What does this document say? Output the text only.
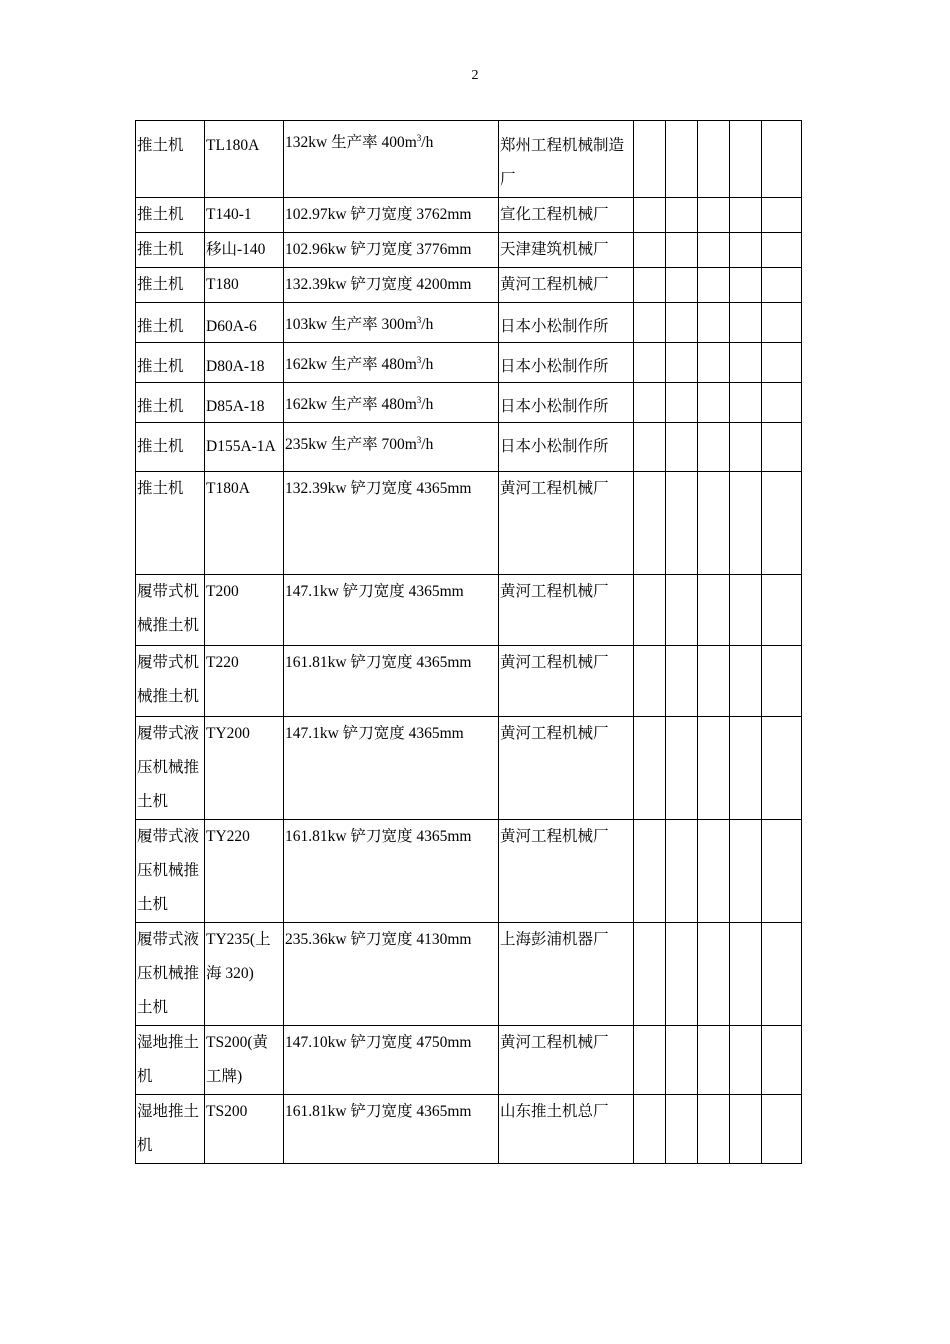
2
推土机	TL180A	132kw 生产率 $400m^3/h$	郑州工程机械制造厂					
推土机	T140-1	102.97kw 铲刀宽度 3762mm	宣化工程机械厂					
推土机	移山-140	102.96kw 铲刀宽度 3776mm	天津建筑机械厂					
推土机	T180	132.39kw 铲刀宽度 4200mm	黄河工程机械厂					
推土机	D60A-6	103kw 生产率 $300m^3/h$	日本小松制作所					
推土机	D80A-18	162kw 生产率 $480m^3/h$	日本小松制作所					
推土机	D85A-18	162kw 生产率 $480m^3/h$	日本小松制作所					
推土机	D155A-1A	235kw 生产率 $700m^3/h$	日本小松制作所					
推土机	T180A	132.39kw 铲刀宽度 4365mm	黄河工程机械厂					
履带式机械推土机	T200	147.1kw 铲刀宽度 4365mm	黄河工程机械厂					
履带式机械推土机	T220	161.81kw 铲刀宽度 4365mm	黄河工程机械厂					
履带式液压机械推土机	TY200	147.1kw 铲刀宽度 4365mm	黄河工程机械厂					
履带式液压机械推土机	TY220	161.81kw 铲刀宽度 4365mm	黄河工程机械厂					
履带式液压机械推土机	TY235(上海 320)	235.36kw 铲刀宽度 4130mm	上海彭浦机器厂					
湿地推土机	TS200(黄工牌)	147.10kw 铲刀宽度 4750mm	黄河工程机械厂					
湿地推土机	TS200	161.81kw 铲刀宽度 4365mm	山东推土机总厂					
